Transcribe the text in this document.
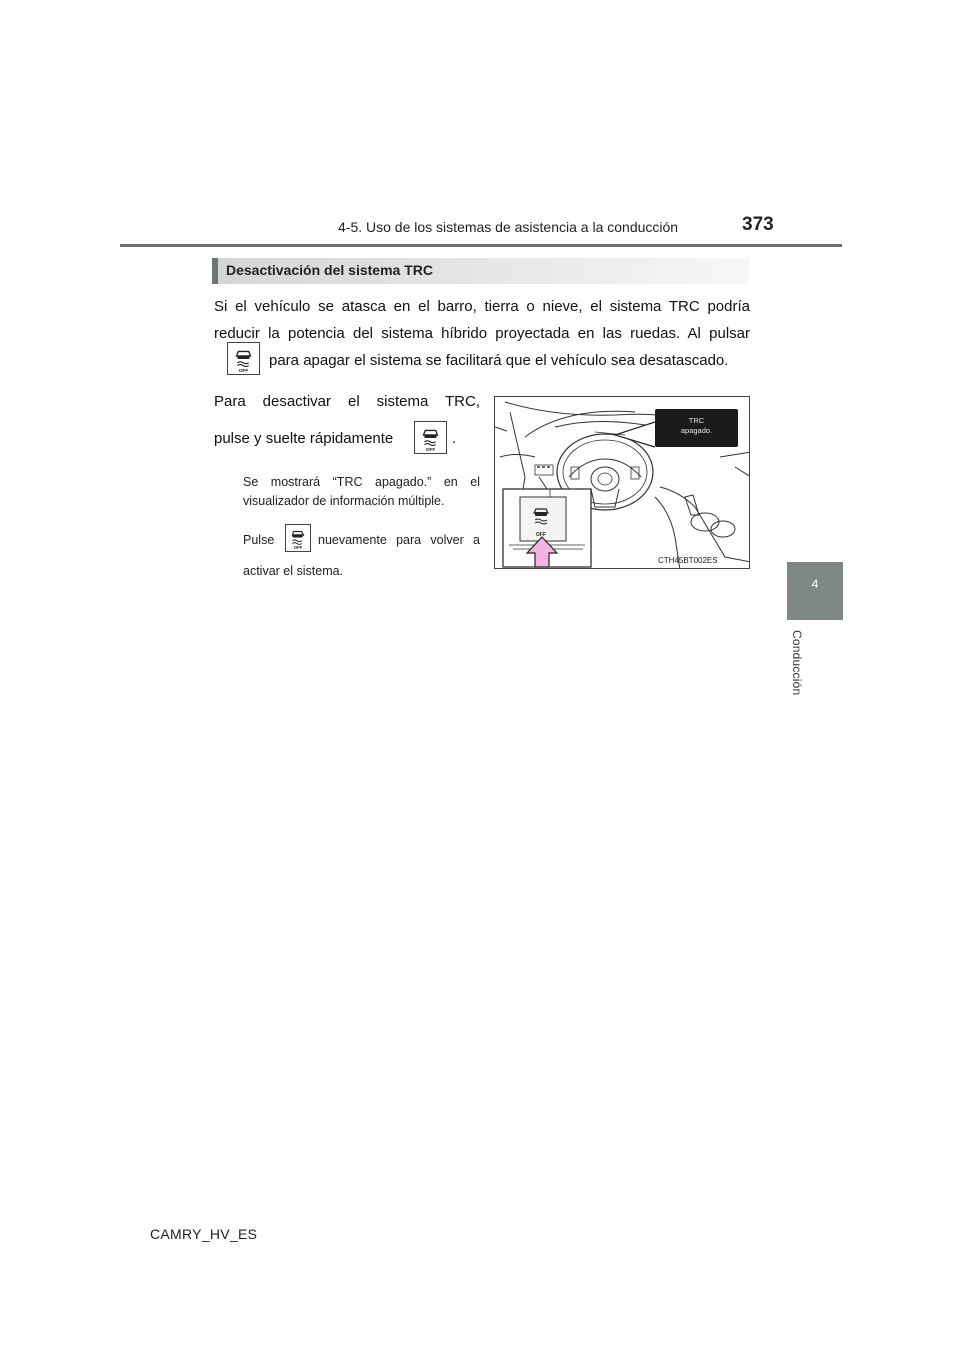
4-5. Uso de los sistemas de asistencia a la conducción	373
4
Conducción
Desactivación del sistema TRC
Si el vehículo se atasca en el barro, tierra o nieve, el sistema TRC podría
reducir la potencia del sistema híbrido proyectada en las ruedas. Al pulsar
OFF
para apagar el sistema se facilitará que el vehículo sea desatascado.
Para desactivar el sistema TRC,
pulse y suelte rápidamente
OFF
.
Se mostrará “TRC apagado.” en el
visualizador de información múltiple.
Pulse
OFF
nuevamente para volver a
activar el sistema.
OFF
TRC
apagado.
CTH45BT002ES
CAMRY_HV_ES
